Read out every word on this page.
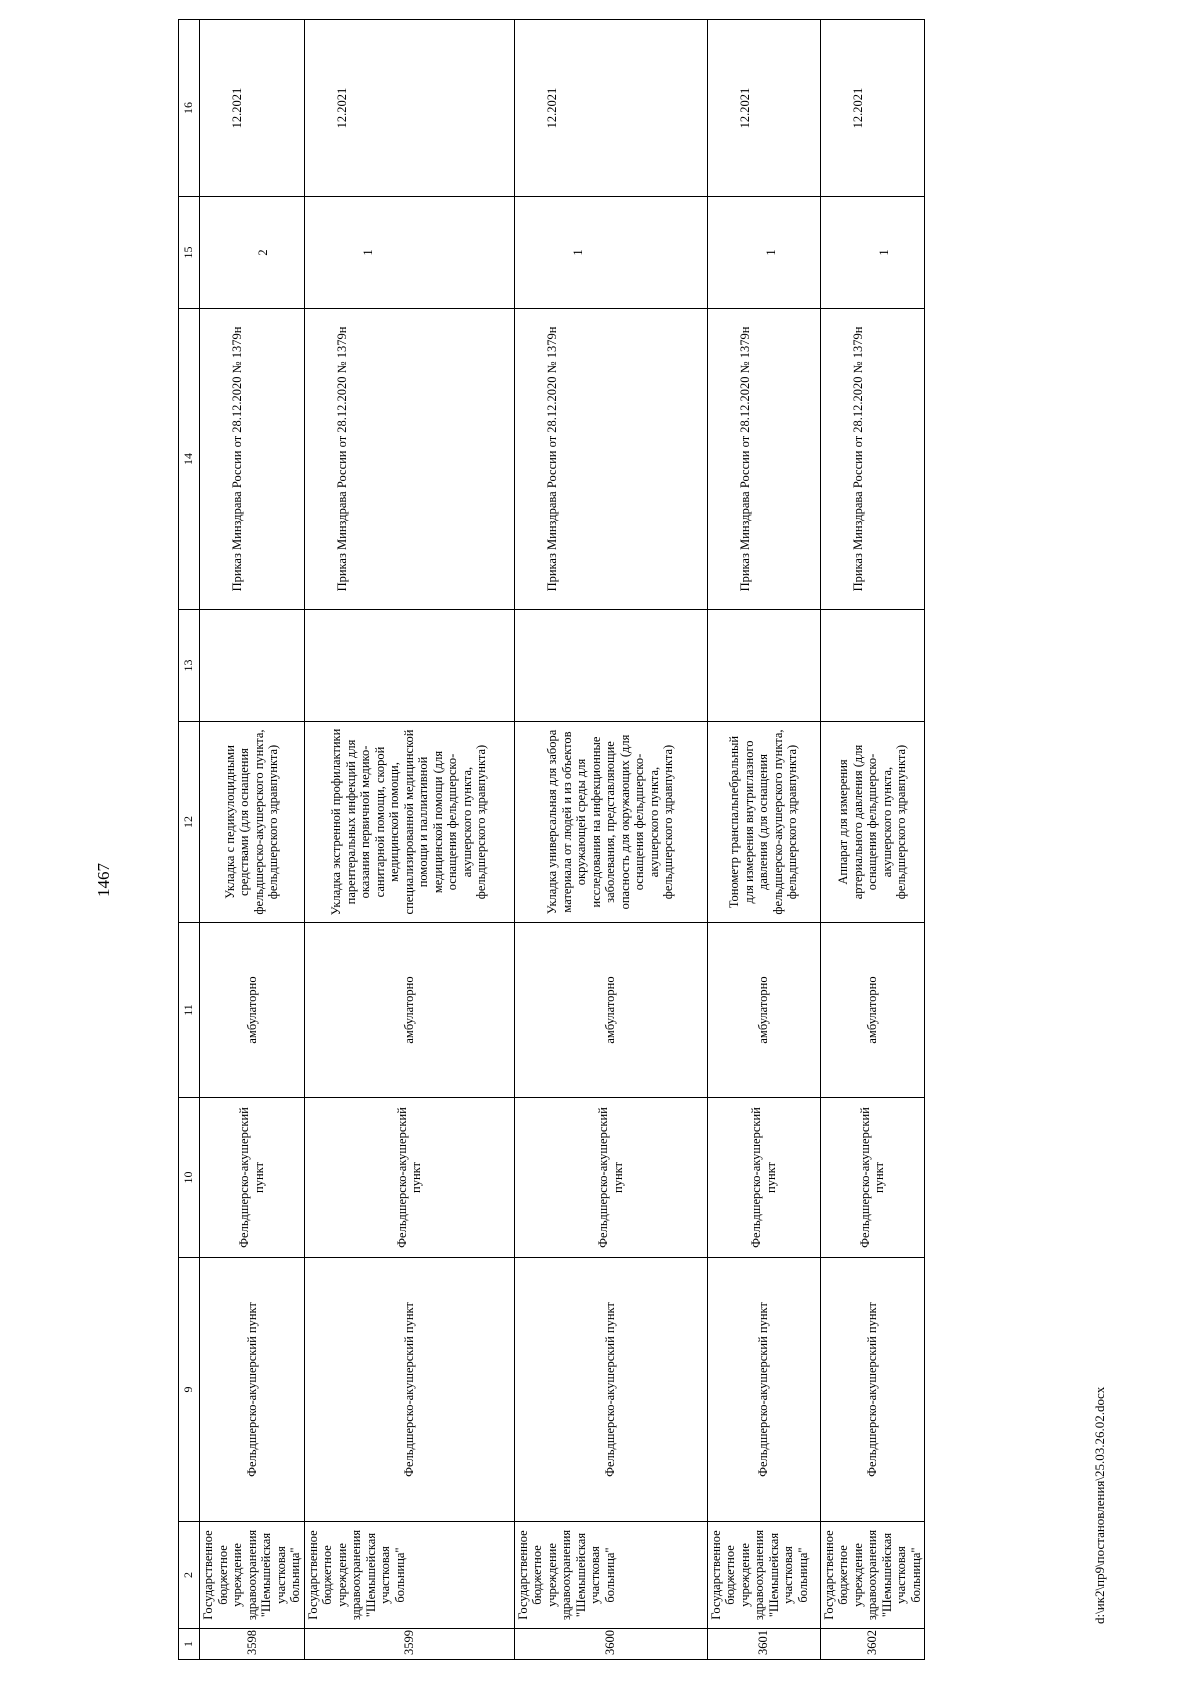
1467
1	2	9	10	11	12	13	14	15	16
3598	Государственное бюджетное учреждение здравоохранения "Шемышейская участковая больница"	Фельдшерско-акушерский пункт	Фельдшерско-акушерский пункт	амбулаторно	Укладка с педикулоцидными средствами (для оснащения фельдшерско-акушерского пункта, фельдшерского здравпункта)		Приказ Минздрава России от 28.12.2020 № 1379н	2	12.2021
3599	Государственное бюджетное учреждение здравоохранения "Шемышейская участковая больница"	Фельдшерско-акушерский пункт	Фельдшерско-акушерский пункт	амбулаторно	Укладка экстренной профилактики парентеральных инфекций для оказания первичной медико-санитарной помощи, скорой медицинской помощи, специализированной медицинской помощи и паллиативной медицинской помощи (для оснащения фельдшерско-акушерского пункта, фельдшерского здравпункта)		Приказ Минздрава России от 28.12.2020 № 1379н	1	12.2021
3600	Государственное бюджетное учреждение здравоохранения "Шемышейская участковая больница"	Фельдшерско-акушерский пункт	Фельдшерско-акушерский пункт	амбулаторно	Укладка универсальная для забора материала от людей и из объектов окружающей среды для исследования на инфекционные заболевания, представляющие опасность для окружающих (для оснащения фельдшерско-акушерского пункта, фельдшерского здравпункта)		Приказ Минздрава России от 28.12.2020 № 1379н	1	12.2021
3601	Государственное бюджетное учреждение здравоохранения "Шемышейская участковая больница"	Фельдшерско-акушерский пункт	Фельдшерско-акушерский пункт	амбулаторно	Тонометр транспальпебральный для измерения внутриглазного давления (для оснащения фельдшерско-акушерского пункта, фельдшерского здравпункта)		Приказ Минздрава России от 28.12.2020 № 1379н	1	12.2021
3602	Государственное бюджетное учреждение здравоохранения "Шемышейская участковая больница"	Фельдшерско-акушерский пункт	Фельдшерско-акушерский пункт	амбулаторно	Аппарат для измерения артериального давления (для оснащения фельдшерско-акушерского пункта, фельдшерского здравпункта)		Приказ Минздрава России от 28.12.2020 № 1379н	1	12.2021
d:\ик2\пр9\постановления\25.03.26.02.docx
